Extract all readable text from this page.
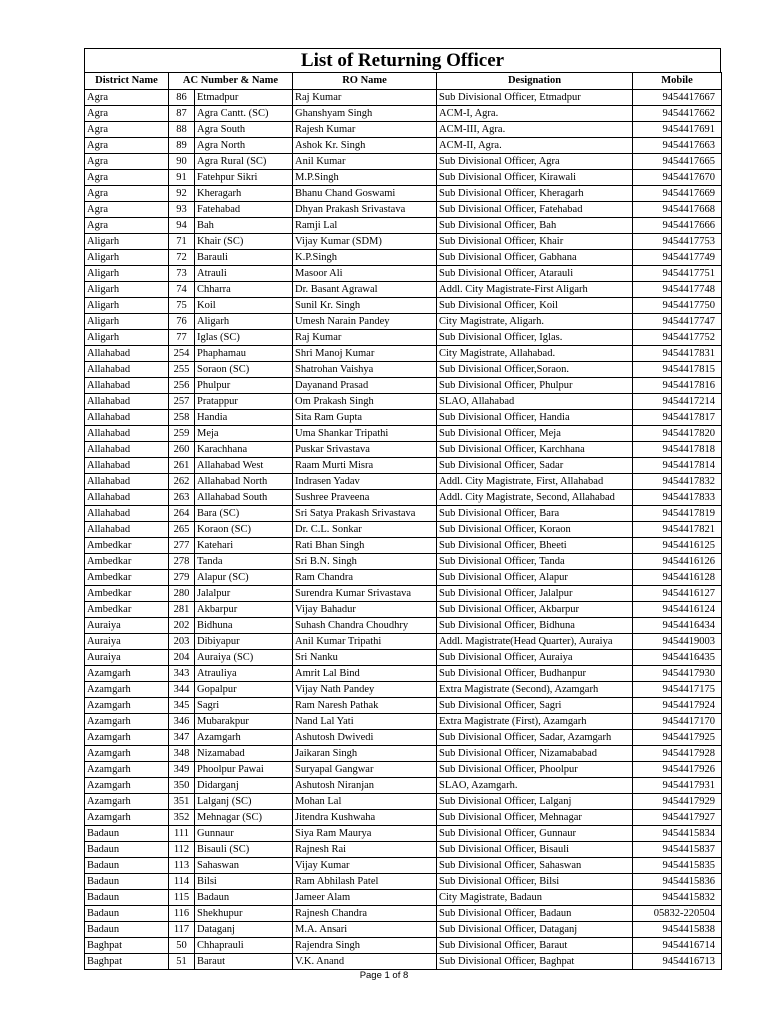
List of Returning Officer
District Name	AC Number & Name		RO Name	Designation	Mobile
Agra	86	Etmadpur	Raj Kumar	Sub Divisional Officer, Etmadpur	9454417667
Agra	87	Agra Cantt. (SC)	Ghanshyam Singh	ACM-I, Agra.	9454417662
Agra	88	Agra South	Rajesh Kumar	ACM-III, Agra.	9454417691
Agra	89	Agra North	Ashok Kr. Singh	ACM-II, Agra.	9454417663
Agra	90	Agra Rural (SC)	Anil Kumar	Sub Divisional Officer, Agra	9454417665
Agra	91	Fatehpur Sikri	M.P.Singh	Sub Divisional Officer, Kirawali	9454417670
Agra	92	Kheragarh	Bhanu Chand Goswami	Sub Divisional Officer, Kheragarh	9454417669
Agra	93	Fatehabad	Dhyan Prakash Srivastava	Sub Divisional Officer, Fatehabad	9454417668
Agra	94	Bah	Ramji Lal	Sub Divisional Officer, Bah	9454417666
Aligarh	71	Khair (SC)	Vijay Kumar (SDM)	Sub Divisional Officer, Khair	9454417753
Aligarh	72	Barauli	K.P.Singh	Sub Divisional Officer, Gabhana	9454417749
Aligarh	73	Atrauli	Masoor Ali	Sub Divisional Officer, Atarauli	9454417751
Aligarh	74	Chharra	Dr. Basant Agrawal	Addl. City Magistrate-First Aligarh	9454417748
Aligarh	75	Koil	Sunil Kr. Singh	Sub Divisional Officer, Koil	9454417750
Aligarh	76	Aligarh	Umesh Narain Pandey	City Magistrate, Aligarh.	9454417747
Aligarh	77	Iglas (SC)	Raj Kumar	Sub Divisional Officer, Iglas.	9454417752
Allahabad	254	Phaphamau	Shri Manoj Kumar	City Magistrate, Allahabad.	9454417831
Allahabad	255	Soraon (SC)	Shatrohan Vaishya	Sub Divisional Officer,Soraon.	9454417815
Allahabad	256	Phulpur	Dayanand Prasad	Sub Divisional Officer, Phulpur	9454417816
Allahabad	257	Pratappur	Om Prakash Singh	SLAO, Allahabad	9454417214
Allahabad	258	Handia	Sita Ram Gupta	Sub Divisional Officer, Handia	9454417817
Allahabad	259	Meja	Uma Shankar Tripathi	Sub Divisional Officer, Meja	9454417820
Allahabad	260	Karachhana	Puskar Srivastava	Sub Divisional Officer, Karchhana	9454417818
Allahabad	261	Allahabad West	Raam Murti Misra	Sub Divisional Officer, Sadar	9454417814
Allahabad	262	Allahabad North	Indrasen Yadav	Addl. City Magistrate, First, Allahabad	9454417832
Allahabad	263	Allahabad South	Sushree Praveena	Addl. City Magistrate, Second, Allahabad	9454417833
Allahabad	264	Bara (SC)	Sri Satya Prakash Srivastava	Sub Divisional Officer, Bara	9454417819
Allahabad	265	Koraon (SC)	Dr. C.L. Sonkar	Sub Divisional Officer, Koraon	9454417821
Ambedkar	277	Katehari	Rati Bhan Singh	Sub Divisional Officer, Bheeti	9454416125
Ambedkar	278	Tanda	Sri B.N. Singh	Sub Divisional Officer, Tanda	9454416126
Ambedkar	279	Alapur (SC)	Ram Chandra	Sub Divisional Officer, Alapur	9454416128
Ambedkar	280	Jalalpur	Surendra Kumar Srivastava	Sub Divisional Officer, Jalalpur	9454416127
Ambedkar	281	Akbarpur	Vijay Bahadur	Sub Divisional Officer, Akbarpur	9454416124
Auraiya	202	Bidhuna	Suhash Chandra Choudhry	Sub Divisional Officer, Bidhuna	9454416434
Auraiya	203	Dibiyapur	Anil Kumar Tripathi	Addl. Magistrate(Head Quarter), Auraiya	9454419003
Auraiya	204	Auraiya (SC)	Sri Nanku	Sub Divisional Officer, Auraiya	9454416435
Azamgarh	343	Atrauliya	Amrit Lal Bind	Sub Divisional Officer, Budhanpur	9454417930
Azamgarh	344	Gopalpur	Vijay Nath Pandey	Extra Magistrate (Second), Azamgarh	9454417175
Azamgarh	345	Sagri	Ram Naresh Pathak	Sub Divisional Officer, Sagri	9454417924
Azamgarh	346	Mubarakpur	Nand Lal Yati	Extra Magistrate (First), Azamgarh	9454417170
Azamgarh	347	Azamgarh	Ashutosh Dwivedi	Sub Divisional Officer, Sadar, Azamgarh	9454417925
Azamgarh	348	Nizamabad	Jaikaran Singh	Sub Divisional Officer, Nizamababad	9454417928
Azamgarh	349	Phoolpur Pawai	Suryapal Gangwar	Sub Divisional Officer, Phoolpur	9454417926
Azamgarh	350	Didarganj	Ashutosh Niranjan	SLAO, Azamgarh.	9454417931
Azamgarh	351	Lalganj (SC)	Mohan Lal	Sub Divisional Officer, Lalganj	9454417929
Azamgarh	352	Mehnagar (SC)	Jitendra Kushwaha	Sub Divisional Officer, Mehnagar	9454417927
Badaun	111	Gunnaur	Siya Ram Maurya	Sub Divisional Officer, Gunnaur	9454415834
Badaun	112	Bisauli (SC)	Rajnesh Rai	Sub Divisional Officer, Bisauli	9454415837
Badaun	113	Sahaswan	Vijay Kumar	Sub Divisional Officer, Sahaswan	9454415835
Badaun	114	Bilsi	Ram Abhilash Patel	Sub Divisional Officer, Bilsi	9454415836
Badaun	115	Badaun	Jameer Alam	City Magistrate, Badaun	9454415832
Badaun	116	Shekhupur	Rajnesh Chandra	Sub Divisional Officer, Badaun	05832-220504
Badaun	117	Dataganj	M.A. Ansari	Sub Divisional Officer, Dataganj	9454415838
Baghpat	50	Chhaprauli	Rajendra Singh	Sub Divisional Officer, Baraut	9454416714
Baghpat	51	Baraut	V.K. Anand	Sub Divisional Officer, Baghpat	9454416713
Page 1 of 8
